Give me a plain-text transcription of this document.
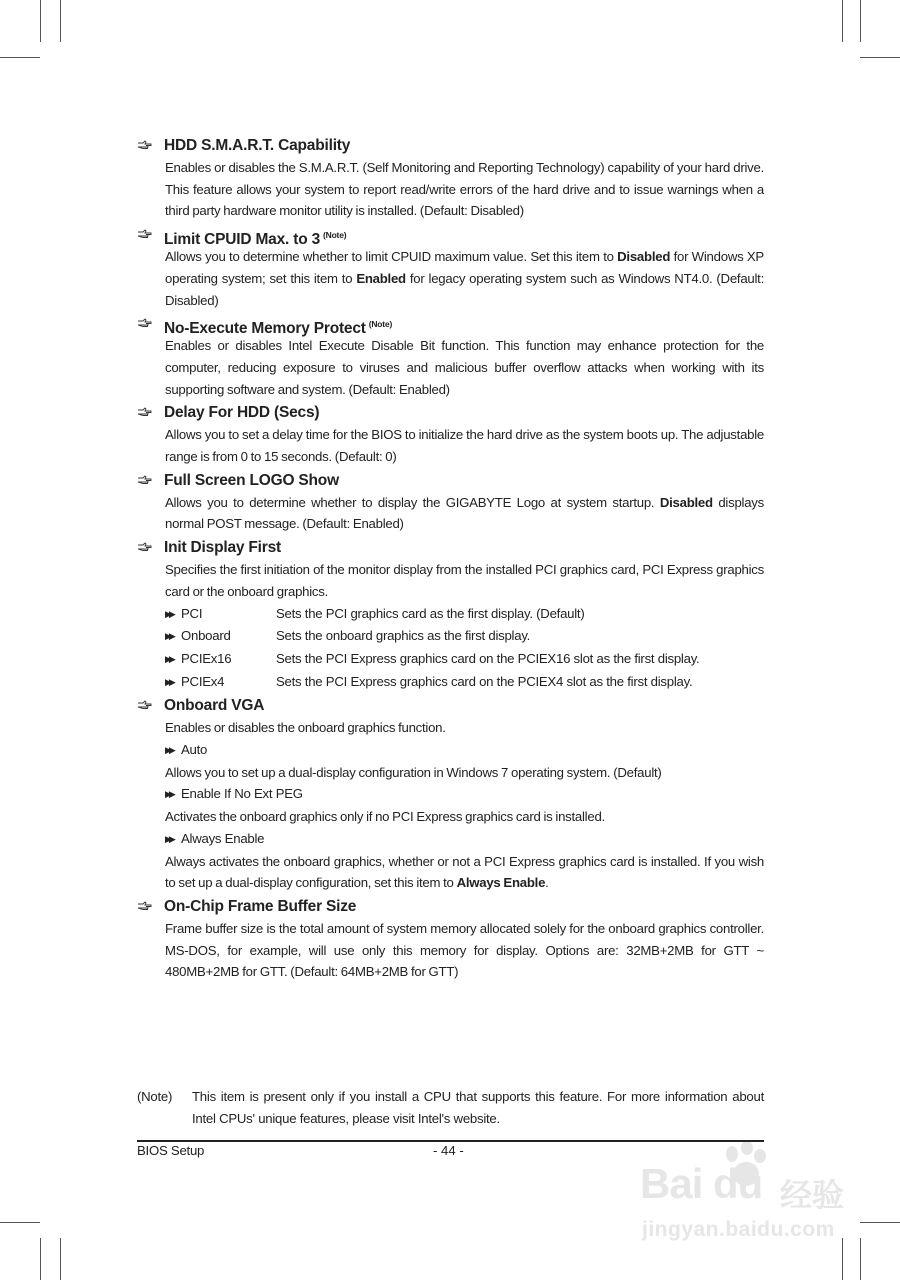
HDD S.M.A.R.T. Capability

Enables or disables the S.M.A.R.T. (Self Monitoring and Reporting Technology) capability of your hard drive. This feature allows your system to report read/write errors of the hard drive and to issue warnings when a third party hardware monitor utility is installed. (Default: Disabled)

Limit CPUID Max. to 3 $^{(Note)}$

Allows you to determine whether to limit CPUID maximum value. Set this item to Disabled for Windows XP operating system; set this item to Enabled for legacy operating system such as Windows NT4.0. (Default: Disabled)

No-Execute Memory Protect $^{(Note)}$

Enables or disables Intel Execute Disable Bit function. This function may enhance protection for the computer, reducing exposure to viruses and malicious buffer overflow attacks when working with its supporting software and system. (Default: Enabled)

Delay For HDD (Secs)

Allows you to set a delay time for the BIOS to initialize the hard drive as the system boots up. The adjustable range is from 0 to 15 seconds. (Default: 0)

Full Screen LOGO Show

Allows you to determine whether to display the GIGABYTE Logo at system startup. Disabled displays normal POST message. (Default: Enabled)

Init Display First

Specifies the first initiation of the monitor display from the installed PCI graphics card, PCI Express graphics card or the onboard graphics.

▶▶ PCI	Sets the PCI graphics card as the first display. (Default)
▶▶ Onboard	Sets the onboard graphics as the first display.
▶▶ PCIEx16	Sets the PCI Express graphics card on the PCIEX16 slot as the first display.
▶▶ PCIEx4	Sets the PCI Express graphics card on the PCIEX4 slot as the first display.
Onboard VGA

Enables or disables the onboard graphics function.

▶▶ Auto

Allows you to set up a dual-display configuration in Windows 7 operating system. (Default)

▶▶ Enable If No Ext PEG

Activates the onboard graphics only if no PCI Express graphics card is installed.

▶▶ Always Enable

Always activates the onboard graphics, whether or not a PCI Express graphics card is installed. If you wish to set up a dual-display configuration, set this item to Always Enable.

On-Chip Frame Buffer Size

Frame buffer size is the total amount of system memory allocated solely for the onboard graphics controller. MS-DOS, for example, will use only this memory for display. Options are: 32MB+2MB for GTT ~ 480MB+2MB for GTT. (Default: 64MB+2MB for GTT)

(Note) This item is present only if you install a CPU that supports this feature. For more information about Intel CPUs' unique features, please visit Intel's website.
BIOS Setup	- 44 -
Bai du 经验
jingyan.baidu.com
